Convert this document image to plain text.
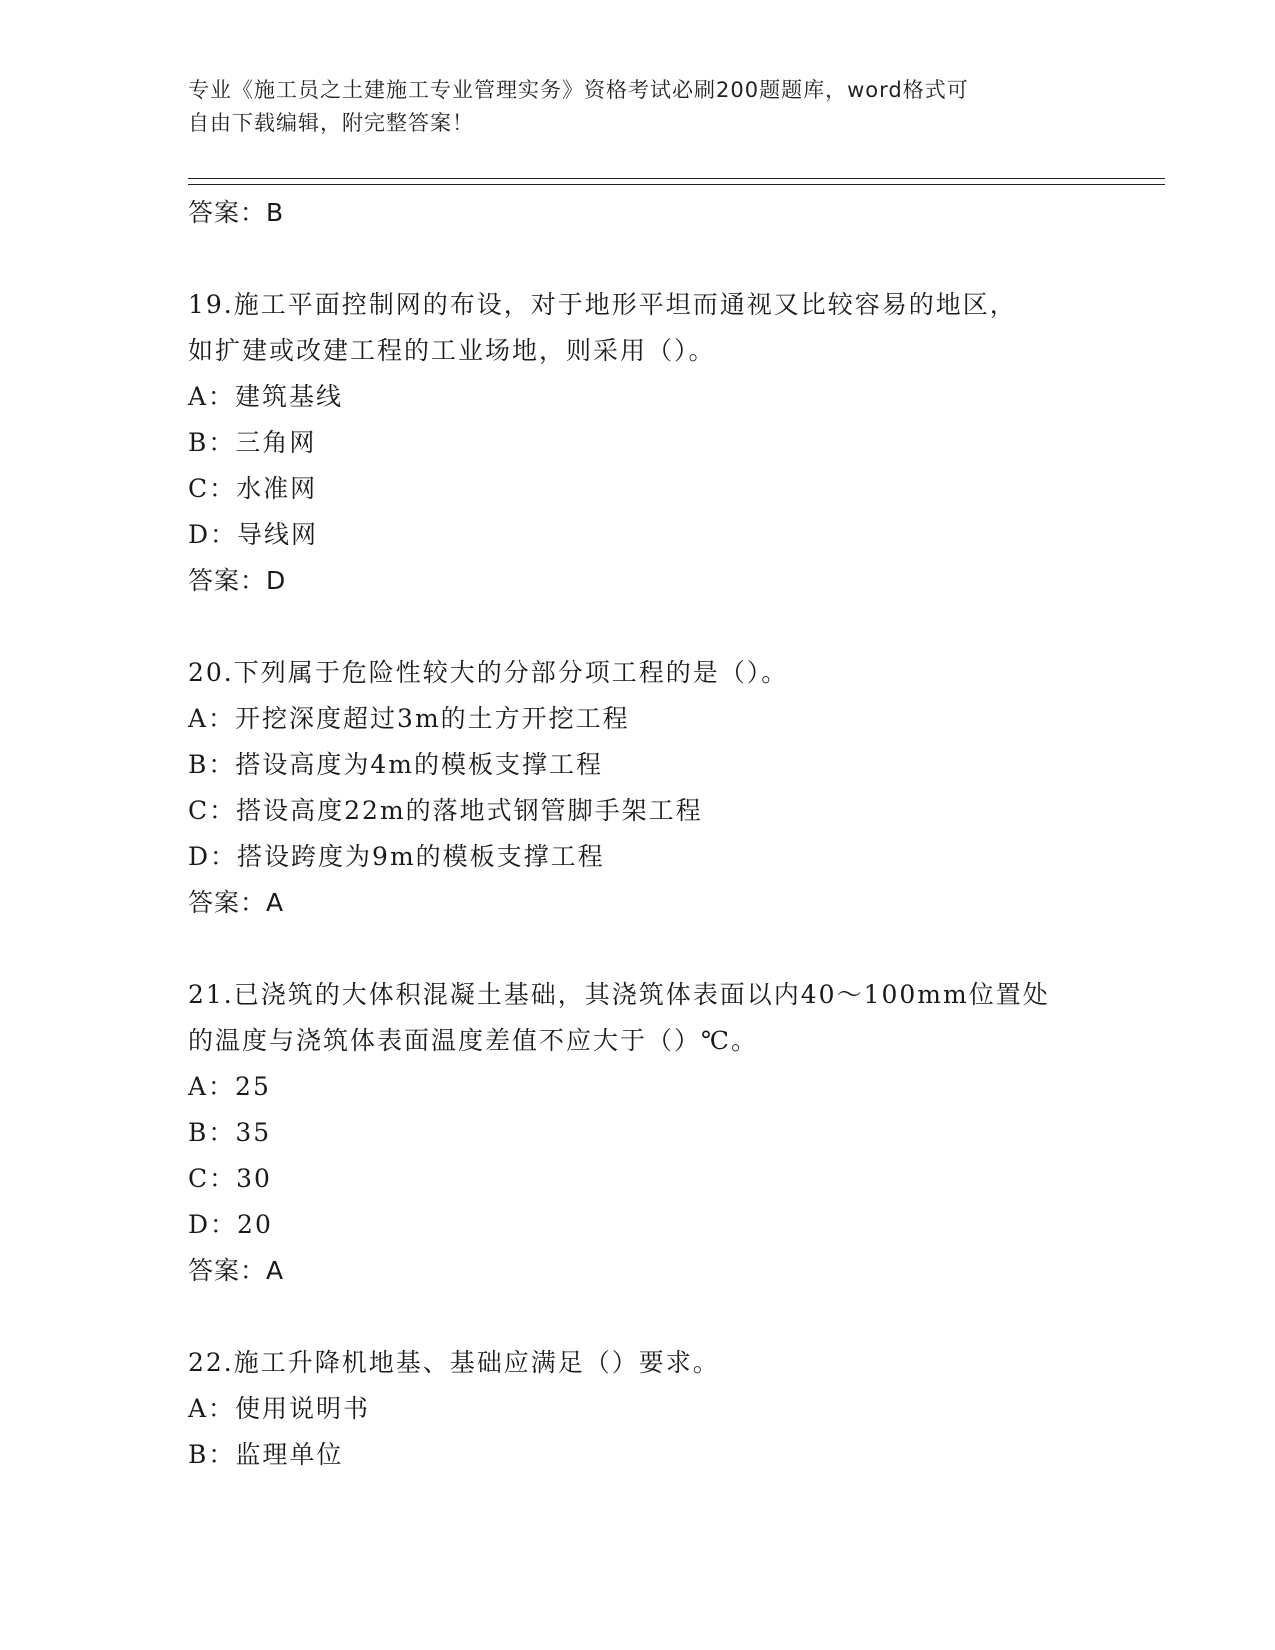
专业《施工员之土建施工专业管理实务》资格考试必刷200题题库，word格式可
自由下载编辑，附完整答案！
答案：B
19.施工平面控制网的布设，对于地形平坦而通视又比较容易的地区，
如扩建或改建工程的工业场地，则采用（）。
A：建筑基线
B：三角网
C：水准网
D：导线网
答案：D
20.下列属于危险性较大的分部分项工程的是（）。
A：开挖深度超过3m的土方开挖工程
B：搭设高度为4m的模板支撑工程
C：搭设高度22m的落地式钢管脚手架工程
D：搭设跨度为9m的模板支撑工程
答案：A
21.已浇筑的大体积混凝土基础，其浇筑体表面以内40～100mm位置处
的温度与浇筑体表面温度差值不应大于（）℃。
A：25
B：35
C：30
D：20
答案：A
22.施工升降机地基、基础应满足（）要求。
A：使用说明书
B：监理单位
